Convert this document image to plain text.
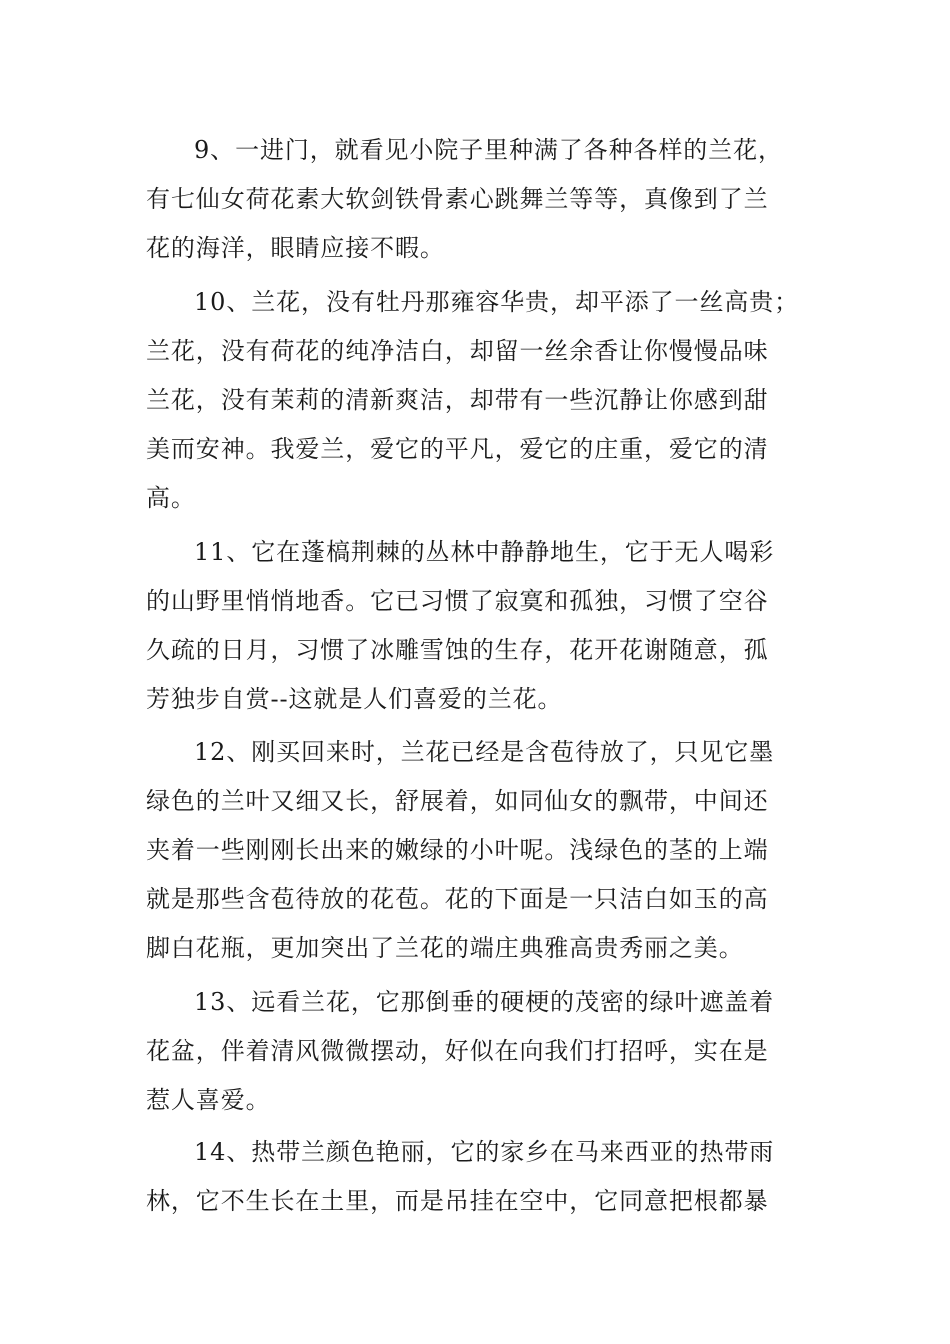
9、一进门，就看见小院子里种满了各种各样的兰花，

有七仙女荷花素大软剑铁骨素心跳舞兰等等，真像到了兰

花的海洋，眼睛应接不暇。

10、兰花，没有牡丹那雍容华贵，却平添了一丝高贵；

兰花，没有荷花的纯净洁白，却留一丝余香让你慢慢品味

兰花，没有茉莉的清新爽洁，却带有一些沉静让你感到甜

美而安神。我爱兰，爱它的平凡，爱它的庄重，爱它的清

高。

11、它在蓬槁荆棘的丛林中静静地生，它于无人喝彩

的山野里悄悄地香。它已习惯了寂寞和孤独，习惯了空谷

久疏的日月，习惯了冰雕雪蚀的生存，花开花谢随意，孤

芳独步自赏--这就是人们喜爱的兰花。

12、刚买回来时，兰花已经是含苞待放了，只见它墨

绿色的兰叶又细又长，舒展着，如同仙女的飘带，中间还

夹着一些刚刚长出来的嫩绿的小叶呢。浅绿色的茎的上端

就是那些含苞待放的花苞。花的下面是一只洁白如玉的高

脚白花瓶，更加突出了兰花的端庄典雅高贵秀丽之美。

13、远看兰花，它那倒垂的硬梗的茂密的绿叶遮盖着

花盆，伴着清风微微摆动，好似在向我们打招呼，实在是

惹人喜爱。

14、热带兰颜色艳丽，它的家乡在马来西亚的热带雨

林，它不生长在土里，而是吊挂在空中，它同意把根都暴
